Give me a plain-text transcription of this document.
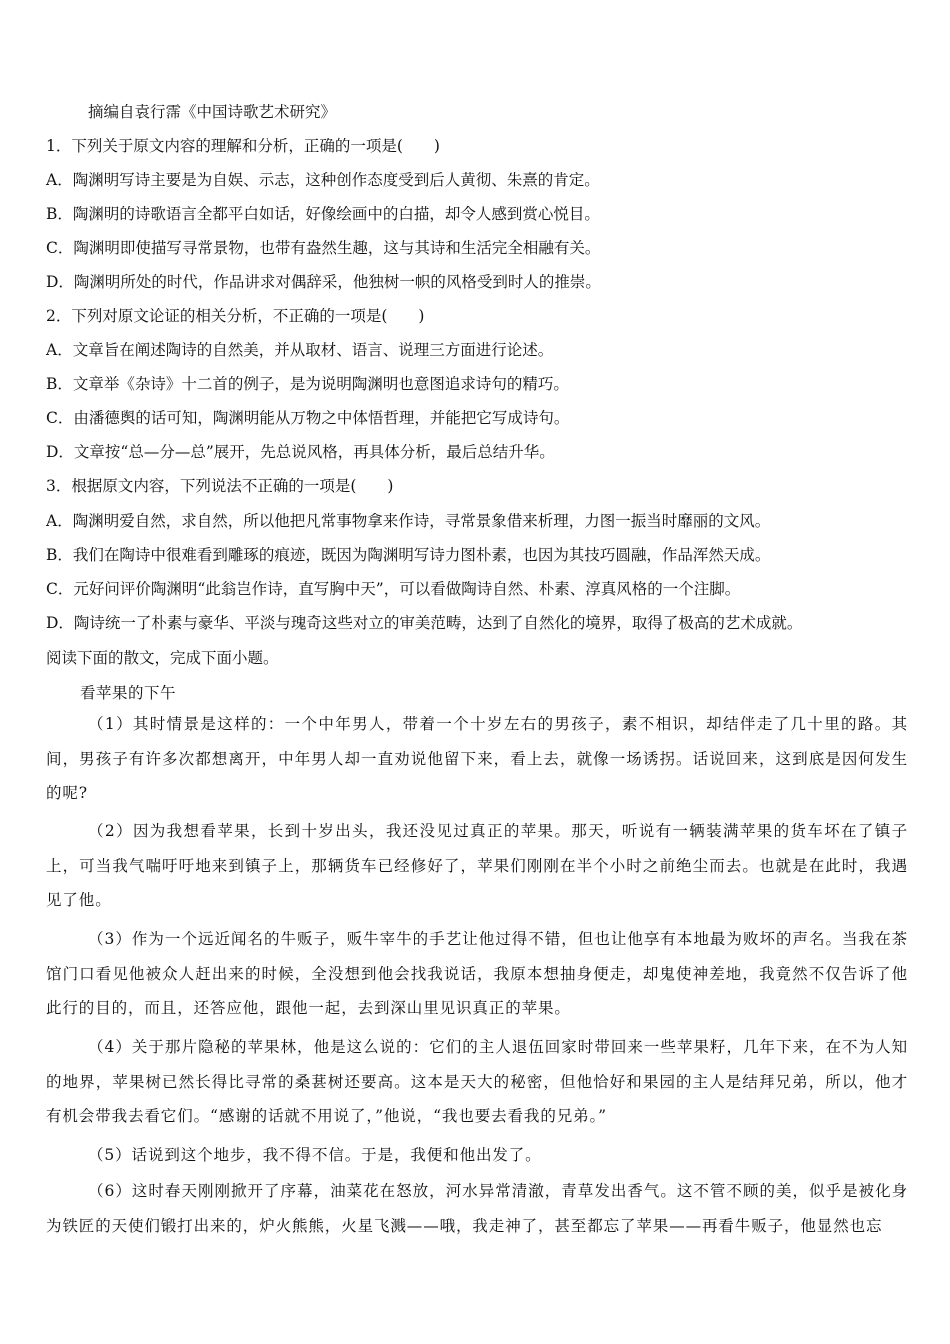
摘编自袁行霈《中国诗歌艺术研究》
1．下列关于原文内容的理解和分析，正确的一项是(　　)
A．陶渊明写诗主要是为自娱、示志，这种创作态度受到后人黄彻、朱熹的肯定。
B．陶渊明的诗歌语言全都平白如话，好像绘画中的白描，却令人感到赏心悦目。
C．陶渊明即使描写寻常景物，也带有盎然生趣，这与其诗和生活完全相融有关。
D．陶渊明所处的时代，作品讲求对偶辞采，他独树一帜的风格受到时人的推崇。
2．下列对原文论证的相关分析，不正确的一项是(　　)
A．文章旨在阐述陶诗的自然美，并从取材、语言、说理三方面进行论述。
B．文章举《杂诗》十二首的例子，是为说明陶渊明也意图追求诗句的精巧。
C．由潘德舆的话可知，陶渊明能从万物之中体悟哲理，并能把它写成诗句。
D．文章按“总—分—总”展开，先总说风格，再具体分析，最后总结升华。
3．根据原文内容，下列说法不正确的一项是(　　)
A．陶渊明爱自然，求自然，所以他把凡常事物拿来作诗，寻常景象借来析理，力图一振当时靡丽的文风。
B．我们在陶诗中很难看到雕琢的痕迹，既因为陶渊明写诗力图朴素，也因为其技巧圆融，作品浑然天成。
C．元好问评价陶渊明“此翁岂作诗，直写胸中天”，可以看做陶诗自然、朴素、淳真风格的一个注脚。
D．陶诗统一了朴素与豪华、平淡与瑰奇这些对立的审美范畴，达到了自然化的境界，取得了极高的艺术成就。
阅读下面的散文，完成下面小题。
看苹果的下午
（1）其时情景是这样的：一个中年男人，带着一个十岁左右的男孩子，素不相识，却结伴走了几十里的路。其间，男孩子有许多次都想离开，中年男人却一直劝说他留下来，看上去，就像一场诱拐。话说回来，这到底是因何发生的呢?
（2）因为我想看苹果，长到十岁出头，我还没见过真正的苹果。那天，听说有一辆装满苹果的货车坏在了镇子上，可当我气喘吁吁地来到镇子上，那辆货车已经修好了，苹果们刚刚在半个小时之前绝尘而去。也就是在此时，我遇见了他。
（3）作为一个远近闻名的牛贩子，贩牛宰牛的手艺让他过得不错，但也让他享有本地最为败坏的声名。当我在茶馆门口看见他被众人赶出来的时候，全没想到他会找我说话，我原本想抽身便走，却鬼使神差地，我竟然不仅告诉了他此行的目的，而且，还答应他，跟他一起，去到深山里见识真正的苹果。
（4）关于那片隐秘的苹果林，他是这么说的：它们的主人退伍回家时带回来一些苹果籽，几年下来，在不为人知的地界，苹果树已然长得比寻常的桑葚树还要高。这本是天大的秘密，但他恰好和果园的主人是结拜兄弟，所以，他才有机会带我去看它们。“感谢的话就不用说了，”他说，“我也要去看我的兄弟。”
（5）话说到这个地步，我不得不信。于是，我便和他出发了。
（6）这时春天刚刚掀开了序幕，油菜花在怒放，河水异常清澈，青草发出香气。这不管不顾的美，似乎是被化身为铁匠的天使们锻打出来的，炉火熊熊，火星飞溅——哦，我走神了，甚至都忘了苹果——再看牛贩子，他显然也忘
